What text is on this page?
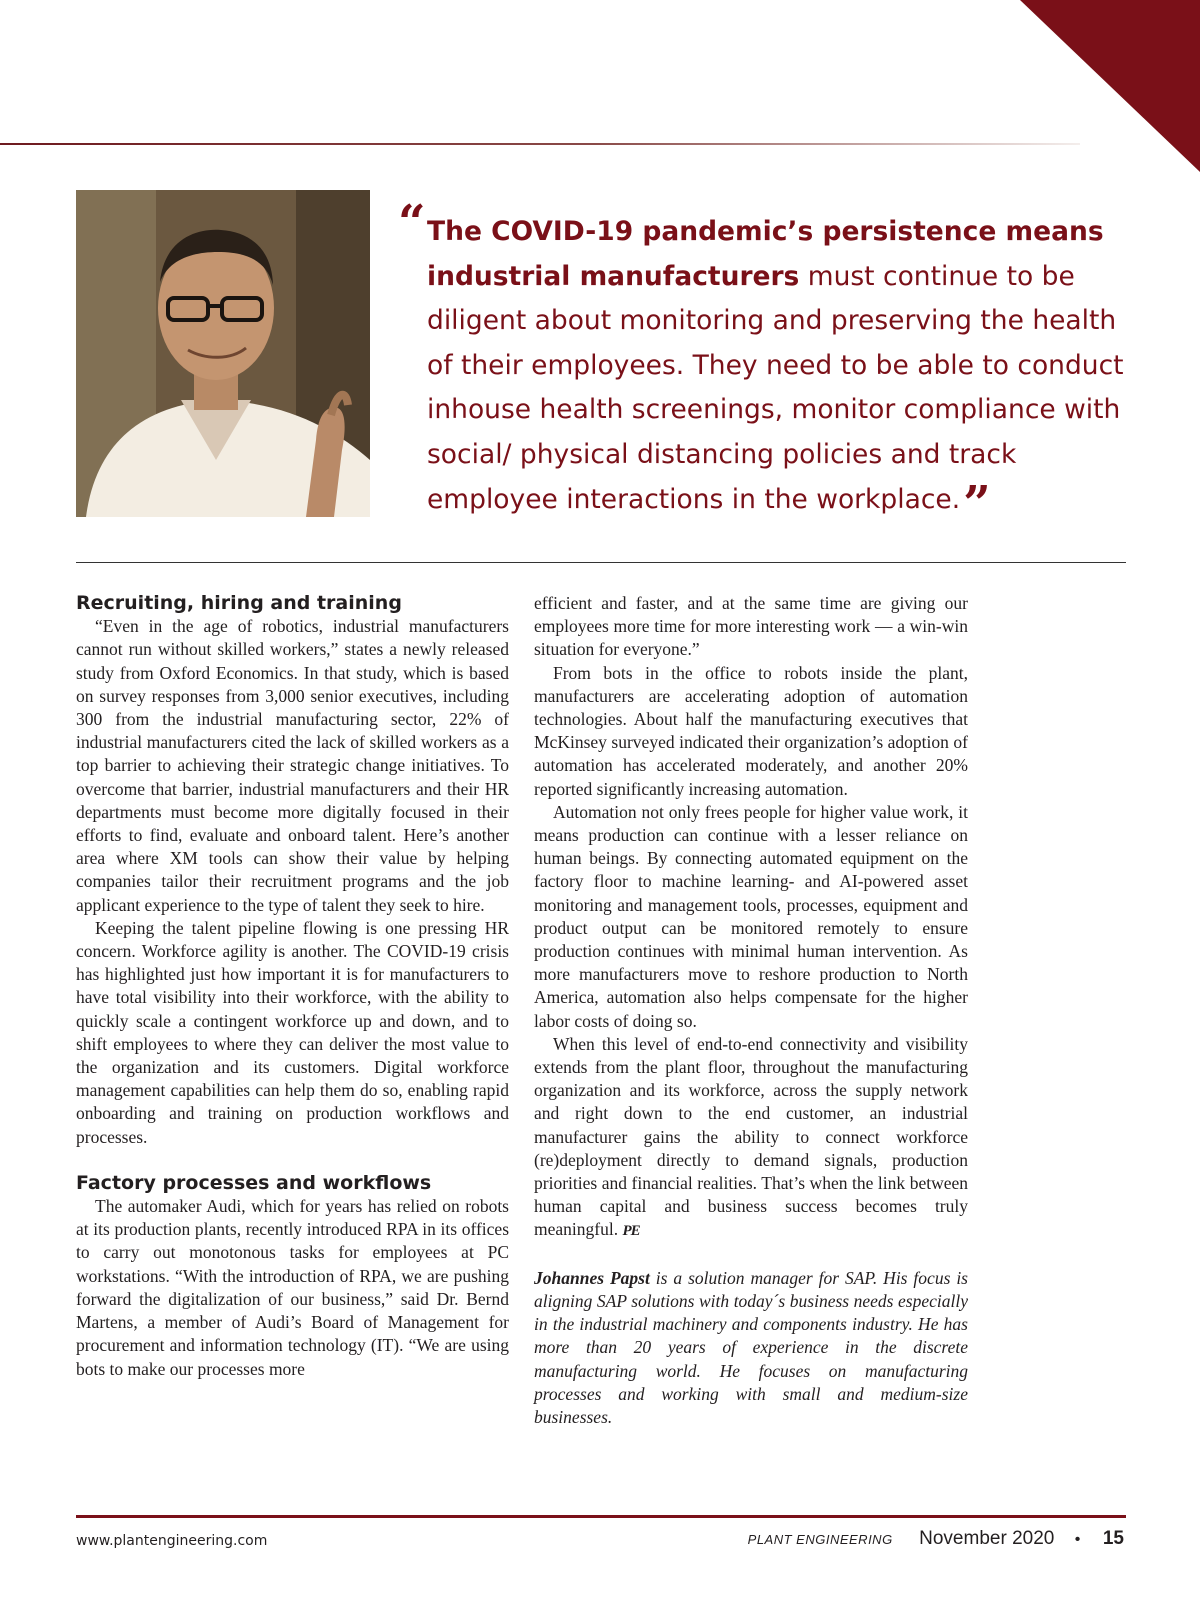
“ The COVID-19 pandemic’s persistence means industrial manufacturers must continue to be diligent about monitoring and preserving the health of their employees. They need to be able to conduct inhouse health screenings, monitor compliance with social/ physical distancing policies and track employee interactions in the workplace.”
Recruiting, hiring and training

“Even in the age of robotics, industrial manufacturers cannot run without skilled workers,” states a newly released study from Oxford Economics. In that study, which is based on survey responses from 3,000 senior executives, including 300 from the industrial manufacturing sector, 22% of industrial manufacturers cited the lack of skilled workers as a top barrier to achieving their strategic change initiatives. To overcome that barrier, industrial manufacturers and their HR departments must become more digitally focused in their efforts to find, evaluate and onboard talent. Here’s another area where XM tools can show their value by helping companies tailor their recruitment programs and the job applicant experience to the type of talent they seek to hire.

Keeping the talent pipeline flowing is one pressing HR concern. Workforce agility is another. The COVID-19 crisis has highlighted just how important it is for manufacturers to have total visibility into their workforce, with the ability to quickly scale a contingent workforce up and down, and to shift employees to where they can deliver the most value to the organization and its customers. Digital workforce management capabilities can help them do so, enabling rapid onboarding and training on production workflows and processes.

Factory processes and workflows

The automaker Audi, which for years has relied on robots at its production plants, recently introduced RPA in its offices to carry out monotonous tasks for employees at PC workstations. “With the introduction of RPA, we are pushing forward the digitalization of our business,” said Dr. Bernd Martens, a member of Audi’s Board of Management for procurement and information technology (IT). “We are using bots to make our processes more

efficient and faster, and at the same time are giving our employees more time for more interesting work — a win-win situation for everyone.”

From bots in the office to robots inside the plant, manufacturers are accelerating adoption of automation technologies. About half the manufacturing executives that McKinsey surveyed indicated their organization’s adoption of automation has accelerated moderately, and another 20% reported significantly increasing automation.

Automation not only frees people for higher value work, it means production can continue with a lesser reliance on human beings. By connecting automated equipment on the factory floor to machine learning- and AI-powered asset monitoring and management tools, processes, equipment and product output can be monitored remotely to ensure production continues with minimal human intervention. As more manufacturers move to reshore production to North America, automation also helps compensate for the higher labor costs of doing so.

When this level of end-to-end connectivity and visibility extends from the plant floor, throughout the manufacturing organization and its workforce, across the supply network and right down to the end customer, an industrial manufacturer gains the ability to connect workforce (re)deployment directly to demand signals, production priorities and financial realities. That’s when the link between human capital and business success becomes truly meaningful. PE

Johannes Papst is a solution manager for SAP. His focus is aligning SAP solutions with today´s business needs especially in the industrial machinery and components industry. He has more than 20 years of experience in the discrete manufacturing world. He focuses on manufacturing processes and working with small and medium-size businesses.

www.plantengineering.com	PLANT ENGINEERING November 2020 • 15
